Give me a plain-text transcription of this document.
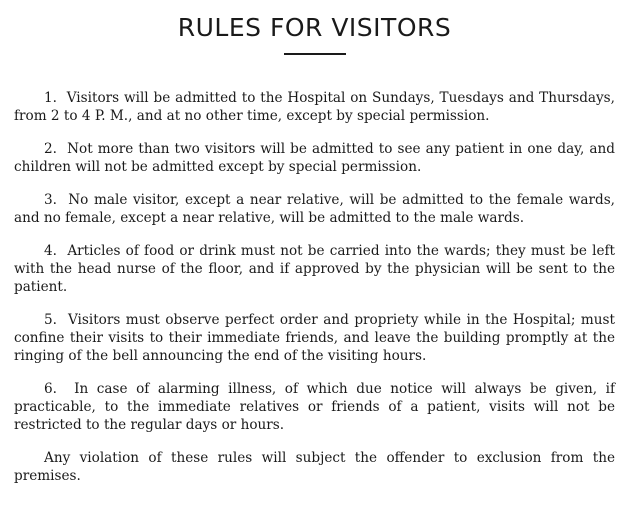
RULES FOR VISITORS

1. Visitors will be admitted to the Hospital on Sundays, Tuesdays and Thursdays, from 2 to 4 P. M., and at no other time, except by special permission.

2. Not more than two visitors will be admitted to see any patient in one day, and children will not be admitted except by special permission.

3. No male visitor, except a near relative, will be admitted to the female wards, and no female, except a near relative, will be admitted to the male wards.

4. Articles of food or drink must not be carried into the wards; they must be left with the head nurse of the floor, and if approved by the physician will be sent to the patient.

5. Visitors must observe perfect order and propriety while in the Hospital; must confine their visits to their immediate friends, and leave the building promptly at the ringing of the bell announcing the end of the visiting hours.

6. In case of alarming illness, of which due notice will always be given, if practicable, to the immediate relatives or friends of a patient, visits will not be restricted to the regular days or hours.

Any violation of these rules will subject the offender to exclusion from the premises.
